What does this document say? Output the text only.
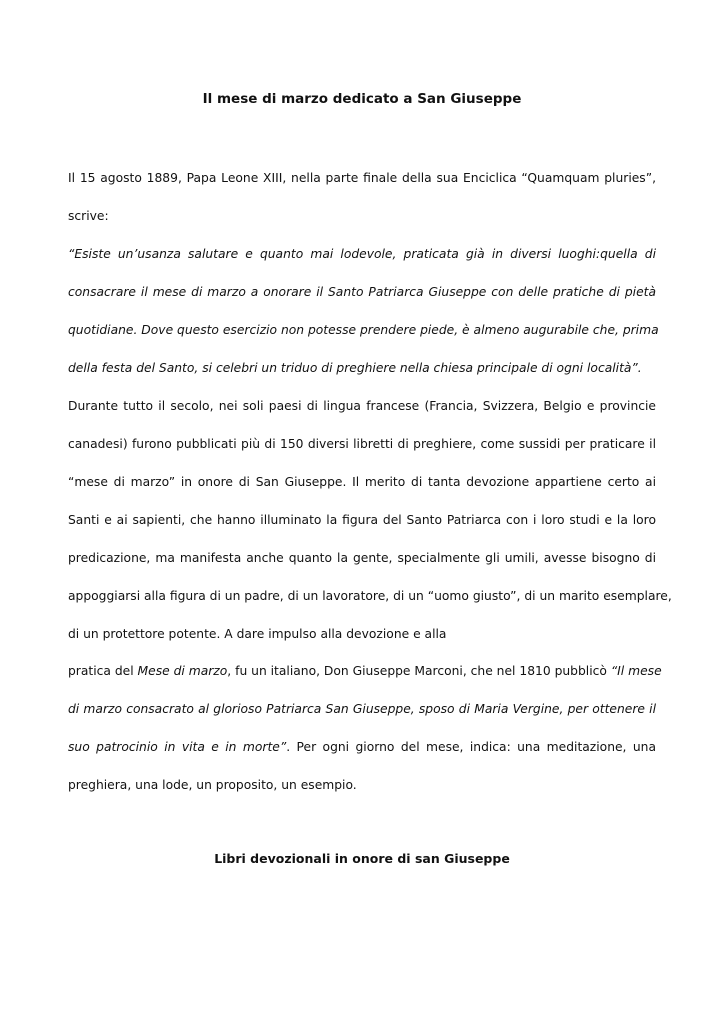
Il mese di marzo dedicato a San Giuseppe
Il 15 agosto 1889, Papa Leone XIII, nella parte finale della sua Enciclica “Quamquam pluries”,
scrive:
“Esiste un’usanza salutare e quanto mai lodevole, praticata già in diversi luoghi:quella di
consacrare il mese di marzo a onorare il Santo Patriarca Giuseppe con delle pratiche di pietà
quotidiane. Dove questo esercizio non potesse prendere piede, è almeno augurabile che, prima
della festa del Santo, si celebri un triduo di preghiere nella chiesa principale di ogni località”.
Durante tutto il secolo, nei soli paesi di lingua francese (Francia, Svizzera, Belgio e provincie
canadesi) furono pubblicati più di 150 diversi libretti di preghiere, come sussidi per praticare il
“mese di marzo” in onore di San Giuseppe. Il merito di tanta devozione appartiene certo ai
Santi e ai sapienti, che hanno illuminato la figura del Santo Patriarca con i loro studi e la loro
predicazione, ma manifesta anche quanto la gente, specialmente gli umili, avesse bisogno di
appoggiarsi alla figura di un padre, di un lavoratore, di un “uomo giusto”, di un marito esemplare,
di un protettore potente. A dare impulso alla devozione e alla
pratica del Mese di marzo, fu un italiano, Don Giuseppe Marconi, che nel 1810 pubblicò “Il mese
di marzo consacrato al glorioso Patriarca San Giuseppe, sposo di Maria Vergine, per ottenere il
suo patrocinio in vita e in morte”. Per ogni giorno del mese, indica: una meditazione, una
preghiera, una lode, un proposito, un esempio.
Libri devozionali in onore di san Giuseppe
